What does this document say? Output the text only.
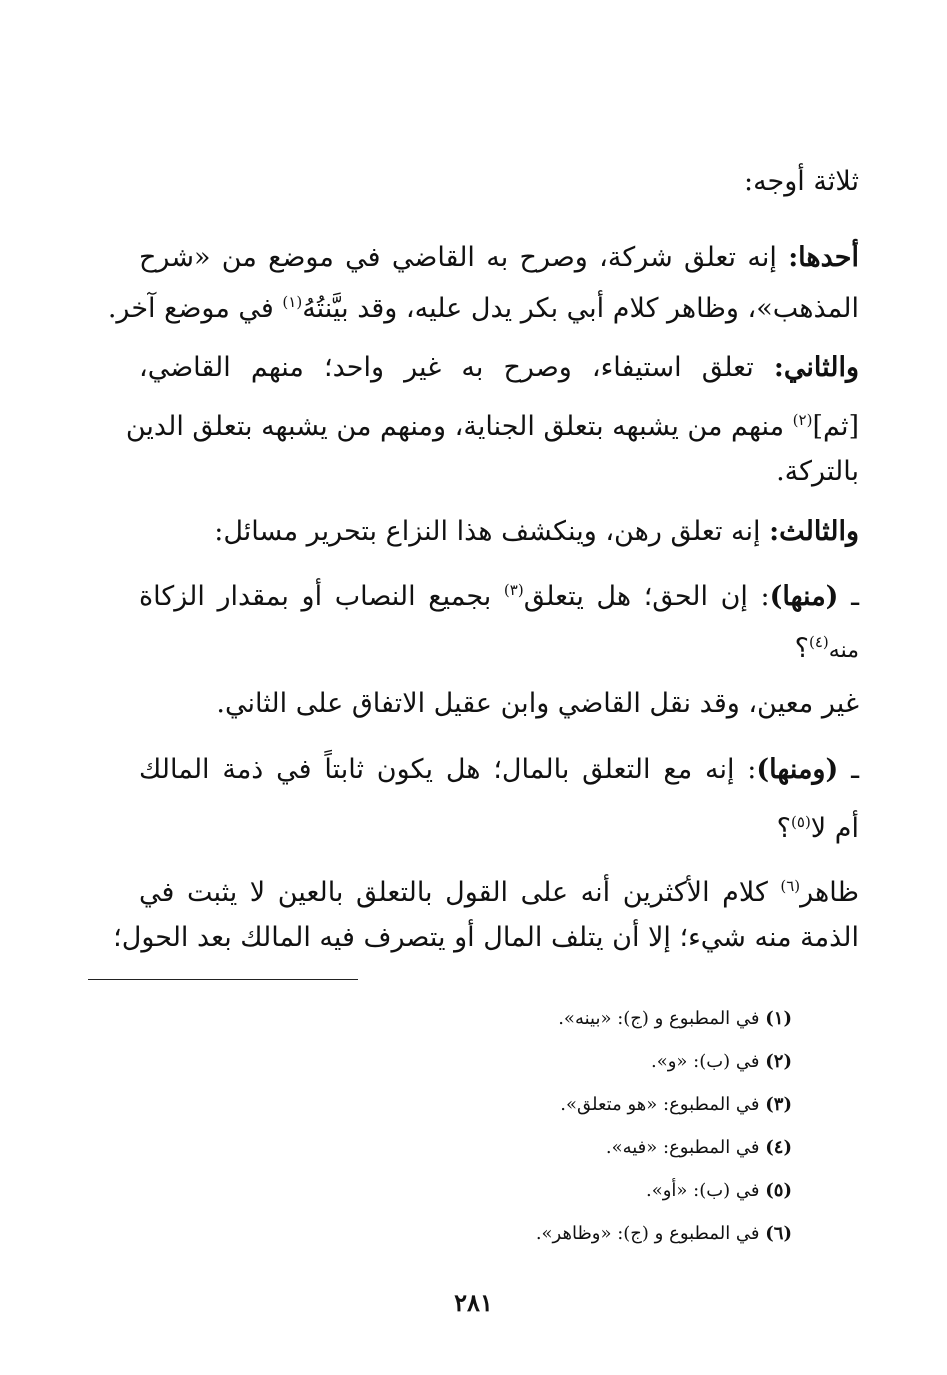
ثلاثة أوجه:
أحدها: إنه تعلق شركة، وصرح به القاضي في موضع من «شرح
المذهب»، وظاهر كلام أبي بكر يدل عليه، وقد بيَّنتُهُ$^{(١)}$ في موضع آخر.
والثاني: تعلق استيفاء، وصرح به غير واحد؛ منهم القاضي،
[ثم]$^{(٢)}$ منهم من يشبهه بتعلق الجناية، ومنهم من يشبهه بتعلق الدين
بالتركة.
والثالث: إنه تعلق رهن، وينكشف هذا النزاع بتحرير مسائل:
ـ (منها): إن الحق؛ هل يتعلق$^{(٣)}$ بجميع النصاب أو بمقدار الزكاة
منه$^{(٤)}$؟
غير معين، وقد نقل القاضي وابن عقيل الاتفاق على الثاني.
ـ (ومنها): إنه مع التعلق بالمال؛ هل يكون ثابتاً في ذمة المالك
أم لا$^{(٥)}$؟
ظاهر$^{(٦)}$ كلام الأكثرين أنه على القول بالتعلق بالعين لا يثبت في
الذمة منه شيء؛ إلا أن يتلف المال أو يتصرف فيه المالك بعد الحول؛
(١) في المطبوع و (ج): «بينه».
(٢) في (ب): «و».
(٣) في المطبوع: «هو متعلق».
(٤) في المطبوع: «فيه».
(٥) في (ب): «أو».
(٦) في المطبوع و (ج): «وظاهر».
٢٨١
